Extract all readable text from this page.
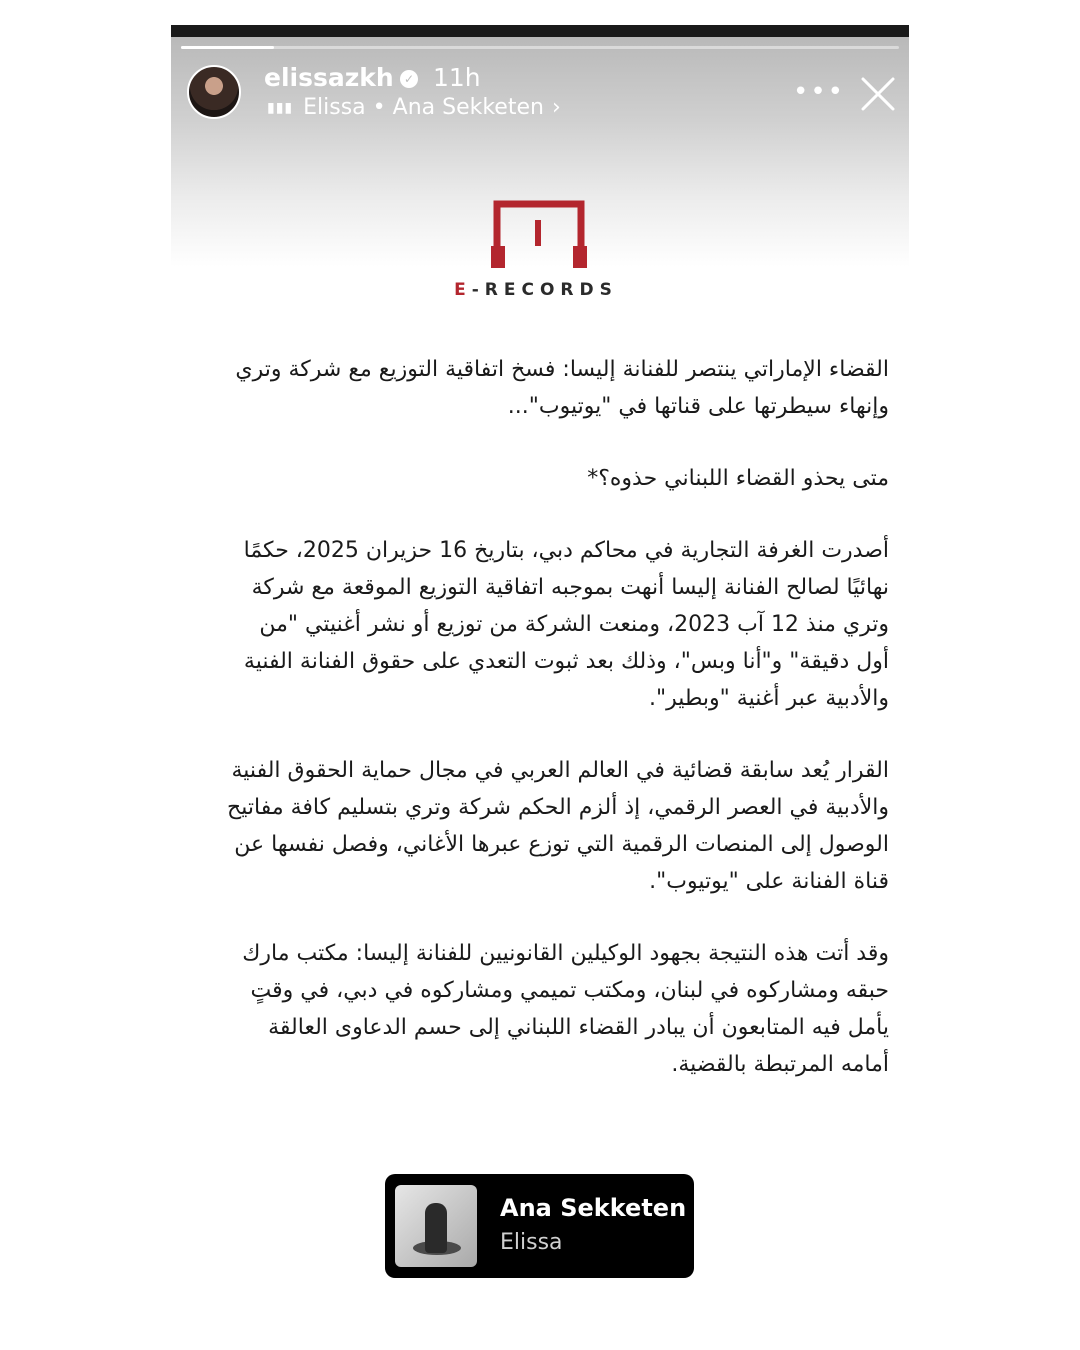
elissazkh ✓ 11h
▮▮▮ Elissa • Ana Sekketen ›
•••
E-RECORDS

القضاء الإماراتي ينتصر للفنانة إليسا: فسخ اتفاقية التوزيع مع شركة وتري وإنهاء سيطرتها على قناتها في "يوتيوب"...

متى يحذو القضاء اللبناني حذوه؟*

أصدرت الغرفة التجارية في محاكم دبي، بتاريخ 16 حزيران 2025، حكمًا نهائيًا لصالح الفنانة إليسا أنهت بموجبه اتفاقية التوزيع الموقعة مع شركة وتري منذ 12 آب 2023، ومنعت الشركة من توزيع أو نشر أغنيتي "من أول دقيقة" و"أنا وبس"، وذلك بعد ثبوت التعدي على حقوق الفنانة الفنية والأدبية عبر أغنية "وبطير".

القرار يُعد سابقة قضائية في العالم العربي في مجال حماية الحقوق الفنية والأدبية في العصر الرقمي، إذ ألزم الحكم شركة وتري بتسليم كافة مفاتيح الوصول إلى المنصات الرقمية التي توزع عبرها الأغاني، وفصل نفسها عن قناة الفنانة على "يوتيوب".

وقد أتت هذه النتيجة بجهود الوكيلين القانونيين للفنانة إليسا: مكتب مارك حبقه ومشاركوه في لبنان، ومكتب تميمي ومشاركوه في دبي، في وقتٍ يأمل فيه المتابعون أن يبادر القضاء اللبناني إلى حسم الدعاوى العالقة أمامه المرتبطة بالقضية.

Ana Sekketen
Elissa
